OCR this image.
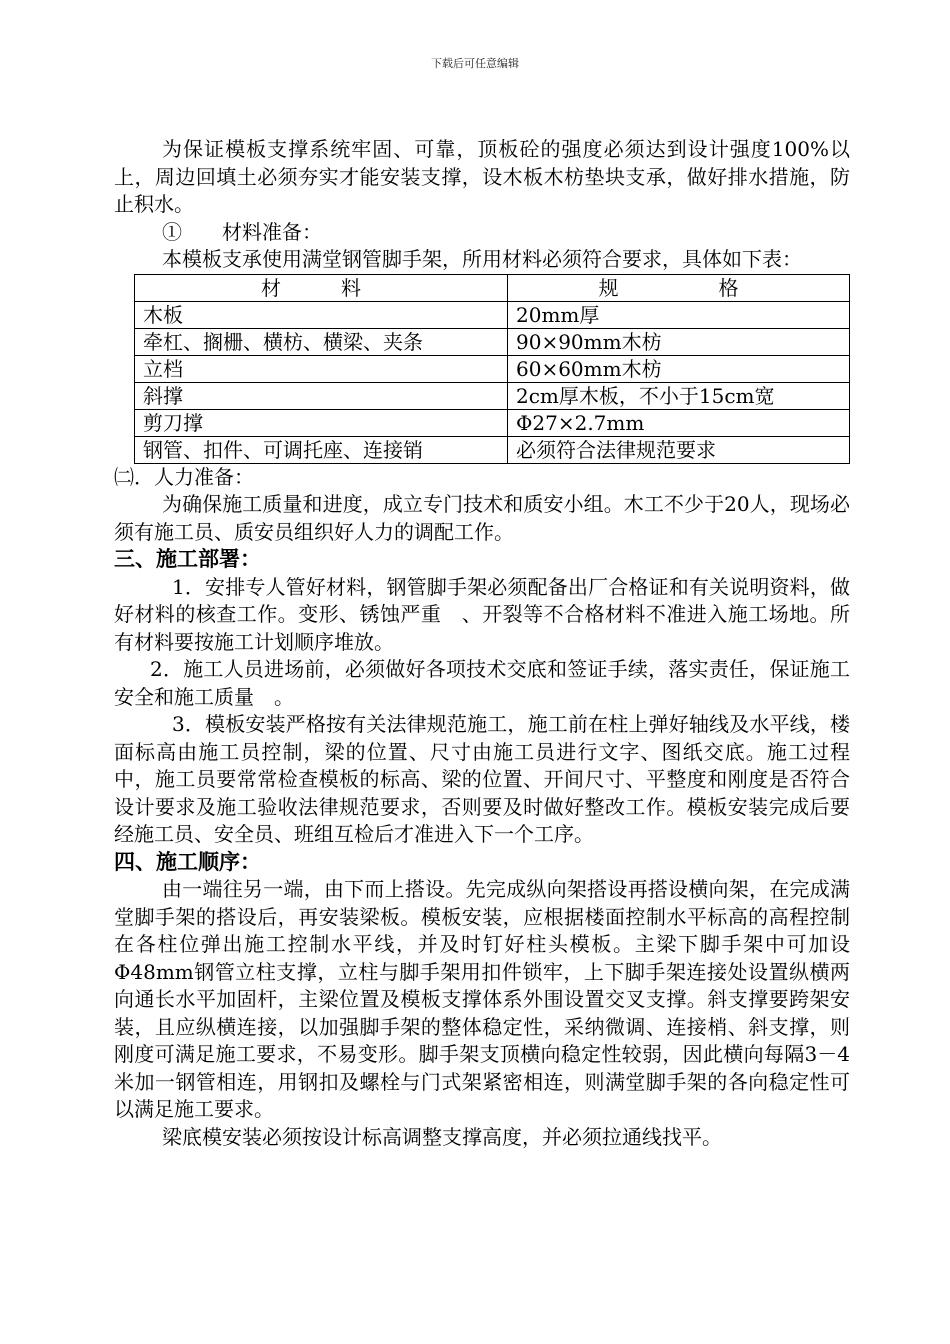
下载后可任意编辑

为保证模板支撑系统牢固、可靠，顶板砼的强度必须达到设计强度100%以上，周边回填土必须夯实才能安装支撑，设木板木枋垫块支承，做好排水措施，防止积水。

①　　材料准备：

本模板支承使用满堂钢管脚手架，所用材料必须符合要求，具体如下表：

材　料	规　　格
木板	20mm厚
牵杠、搁栅、横枋、横梁、夹条	90×90mm木枋
立档	60×60mm木枋
斜撑	2cm厚木板，不小于15cm宽
剪刀撑	Φ27×2.7mm
钢管、扣件、可调托座、连接销	必须符合法律规范要求

㈡．人力准备：

为确保施工质量和进度，成立专门技术和质安小组。木工不少于20人，现场必须有施工员、质安员组织好人力的调配工作。

三、施工部署：

1．安排专人管好材料，钢管脚手架必须配备出厂合格证和有关说明资料，做好材料的核查工作。变形、锈蚀严重　、开裂等不合格材料不准进入施工场地。所有材料要按施工计划顺序堆放。

2．施工人员进场前，必须做好各项技术交底和签证手续，落实责任，保证施工安全和施工质量　。

3．模板安装严格按有关法律规范施工，施工前在柱上弹好轴线及水平线，楼面标高由施工员控制，梁的位置、尺寸由施工员进行文字、图纸交底。施工过程中，施工员要常常检查模板的标高、梁的位置、开间尺寸、平整度和刚度是否符合设计要求及施工验收法律规范要求，否则要及时做好整改工作。模板安装完成后要经施工员、安全员、班组互检后才准进入下一个工序。

四、施工顺序：

由一端往另一端，由下而上搭设。先完成纵向架搭设再搭设横向架，在完成满堂脚手架的搭设后，再安装梁板。模板安装，应根据楼面控制水平标高的高程控制在各柱位弹出施工控制水平线，并及时钉好柱头模板。主梁下脚手架中可加设Φ48mm钢管立柱支撑，立柱与脚手架用扣件锁牢，上下脚手架连接处设置纵横两向通长水平加固杆，主梁位置及模板支撑体系外围设置交叉支撑。斜支撑要跨架安装，且应纵横连接，以加强脚手架的整体稳定性，采纳微调、连接梢、斜支撑，则刚度可满足施工要求，不易变形。脚手架支顶横向稳定性较弱，因此横向每隔3－4米加一钢管相连，用钢扣及螺栓与门式架紧密相连，则满堂脚手架的各向稳定性可以满足施工要求。

梁底模安装必须按设计标高调整支撑高度，并必须拉通线找平。
